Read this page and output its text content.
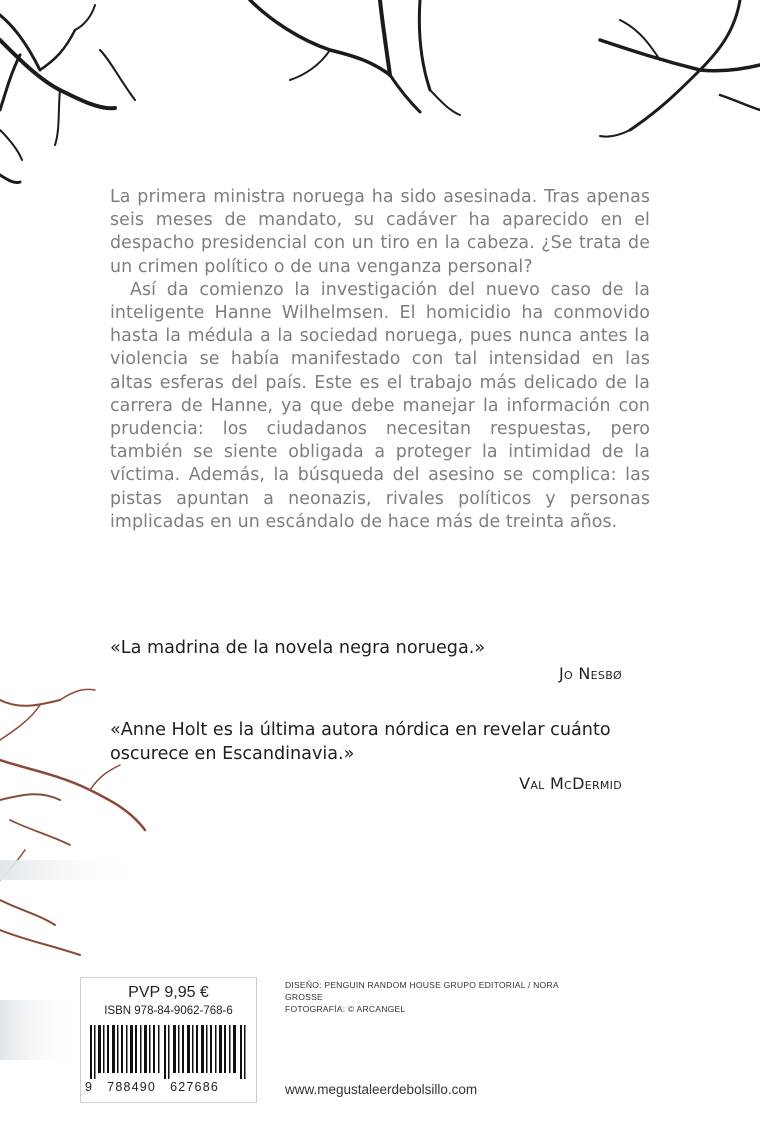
La primera ministra noruega ha sido asesinada. Tras apenas seis meses de mandato, su cadáver ha aparecido en el despacho presidencial con un tiro en la cabeza. ¿Se trata de un crimen político o de una venganza personal?

Así da comienzo la investigación del nuevo caso de la inteligente Hanne Wilhelmsen. El homicidio ha conmovido hasta la médula a la sociedad noruega, pues nunca antes la violencia se había manifestado con tal intensidad en las altas esferas del país. Este es el trabajo más delicado de la carrera de Hanne, ya que debe manejar la información con prudencia: los ciudadanos necesitan respuestas, pero también se siente obligada a proteger la intimidad de la víctima. Además, la búsqueda del asesino se complica: las pistas apuntan a neonazis, rivales políticos y personas implicadas en un escándalo de hace más de treinta años.

«La madrina de la novela negra noruega.»
Jo Nesbø
«Anne Holt es la última autora nórdica en revelar cuánto oscurece en Escandinavia.»
Val McDermid
PVP 9,95 €
ISBN 978-84-9062-768-6
9   788490   627686
DISEÑO: PENGUIN RANDOM HOUSE GRUPO EDITORIAL / NORA GROSSE
FOTOGRAFÍA: © ARCANGEL
www.megustaleerdebolsillo.com
